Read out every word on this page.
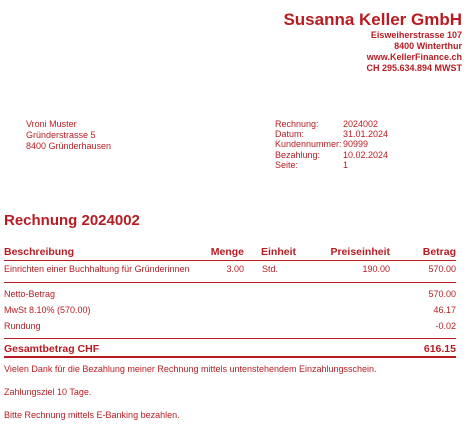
Susanna Keller GmbH
Eisweiherstrasse 107
8400 Winterthur
www.KellerFinance.ch
CH 295.634.894 MWST
Vroni Muster
Gründerstrasse 5
8400 Gründerhausen
Rechnung:	2024002
Datum:	31.01.2024
Kundennummer: 90999
Bezahlung:	10.02.2024
Seite:	1
Rechnung 2024002
Beschreibung	Menge	Einheit	Preiseinheit	Betrag
Einrichten einer Buchhaltung für Gründerinnen	3.00	Std.	190.00	570.00
Netto-Betrag	570.00
MwSt 8.10% (570.00)	46.17
Rundung	-0.02
Gesamtbetrag CHF	616.15
Vielen Dank für die Bezahlung meiner Rechnung mittels untenstehendem Einzahlungsschein.
Zahlungsziel 10 Tage.
Bitte Rechnung mittels E-Banking bezahlen.
